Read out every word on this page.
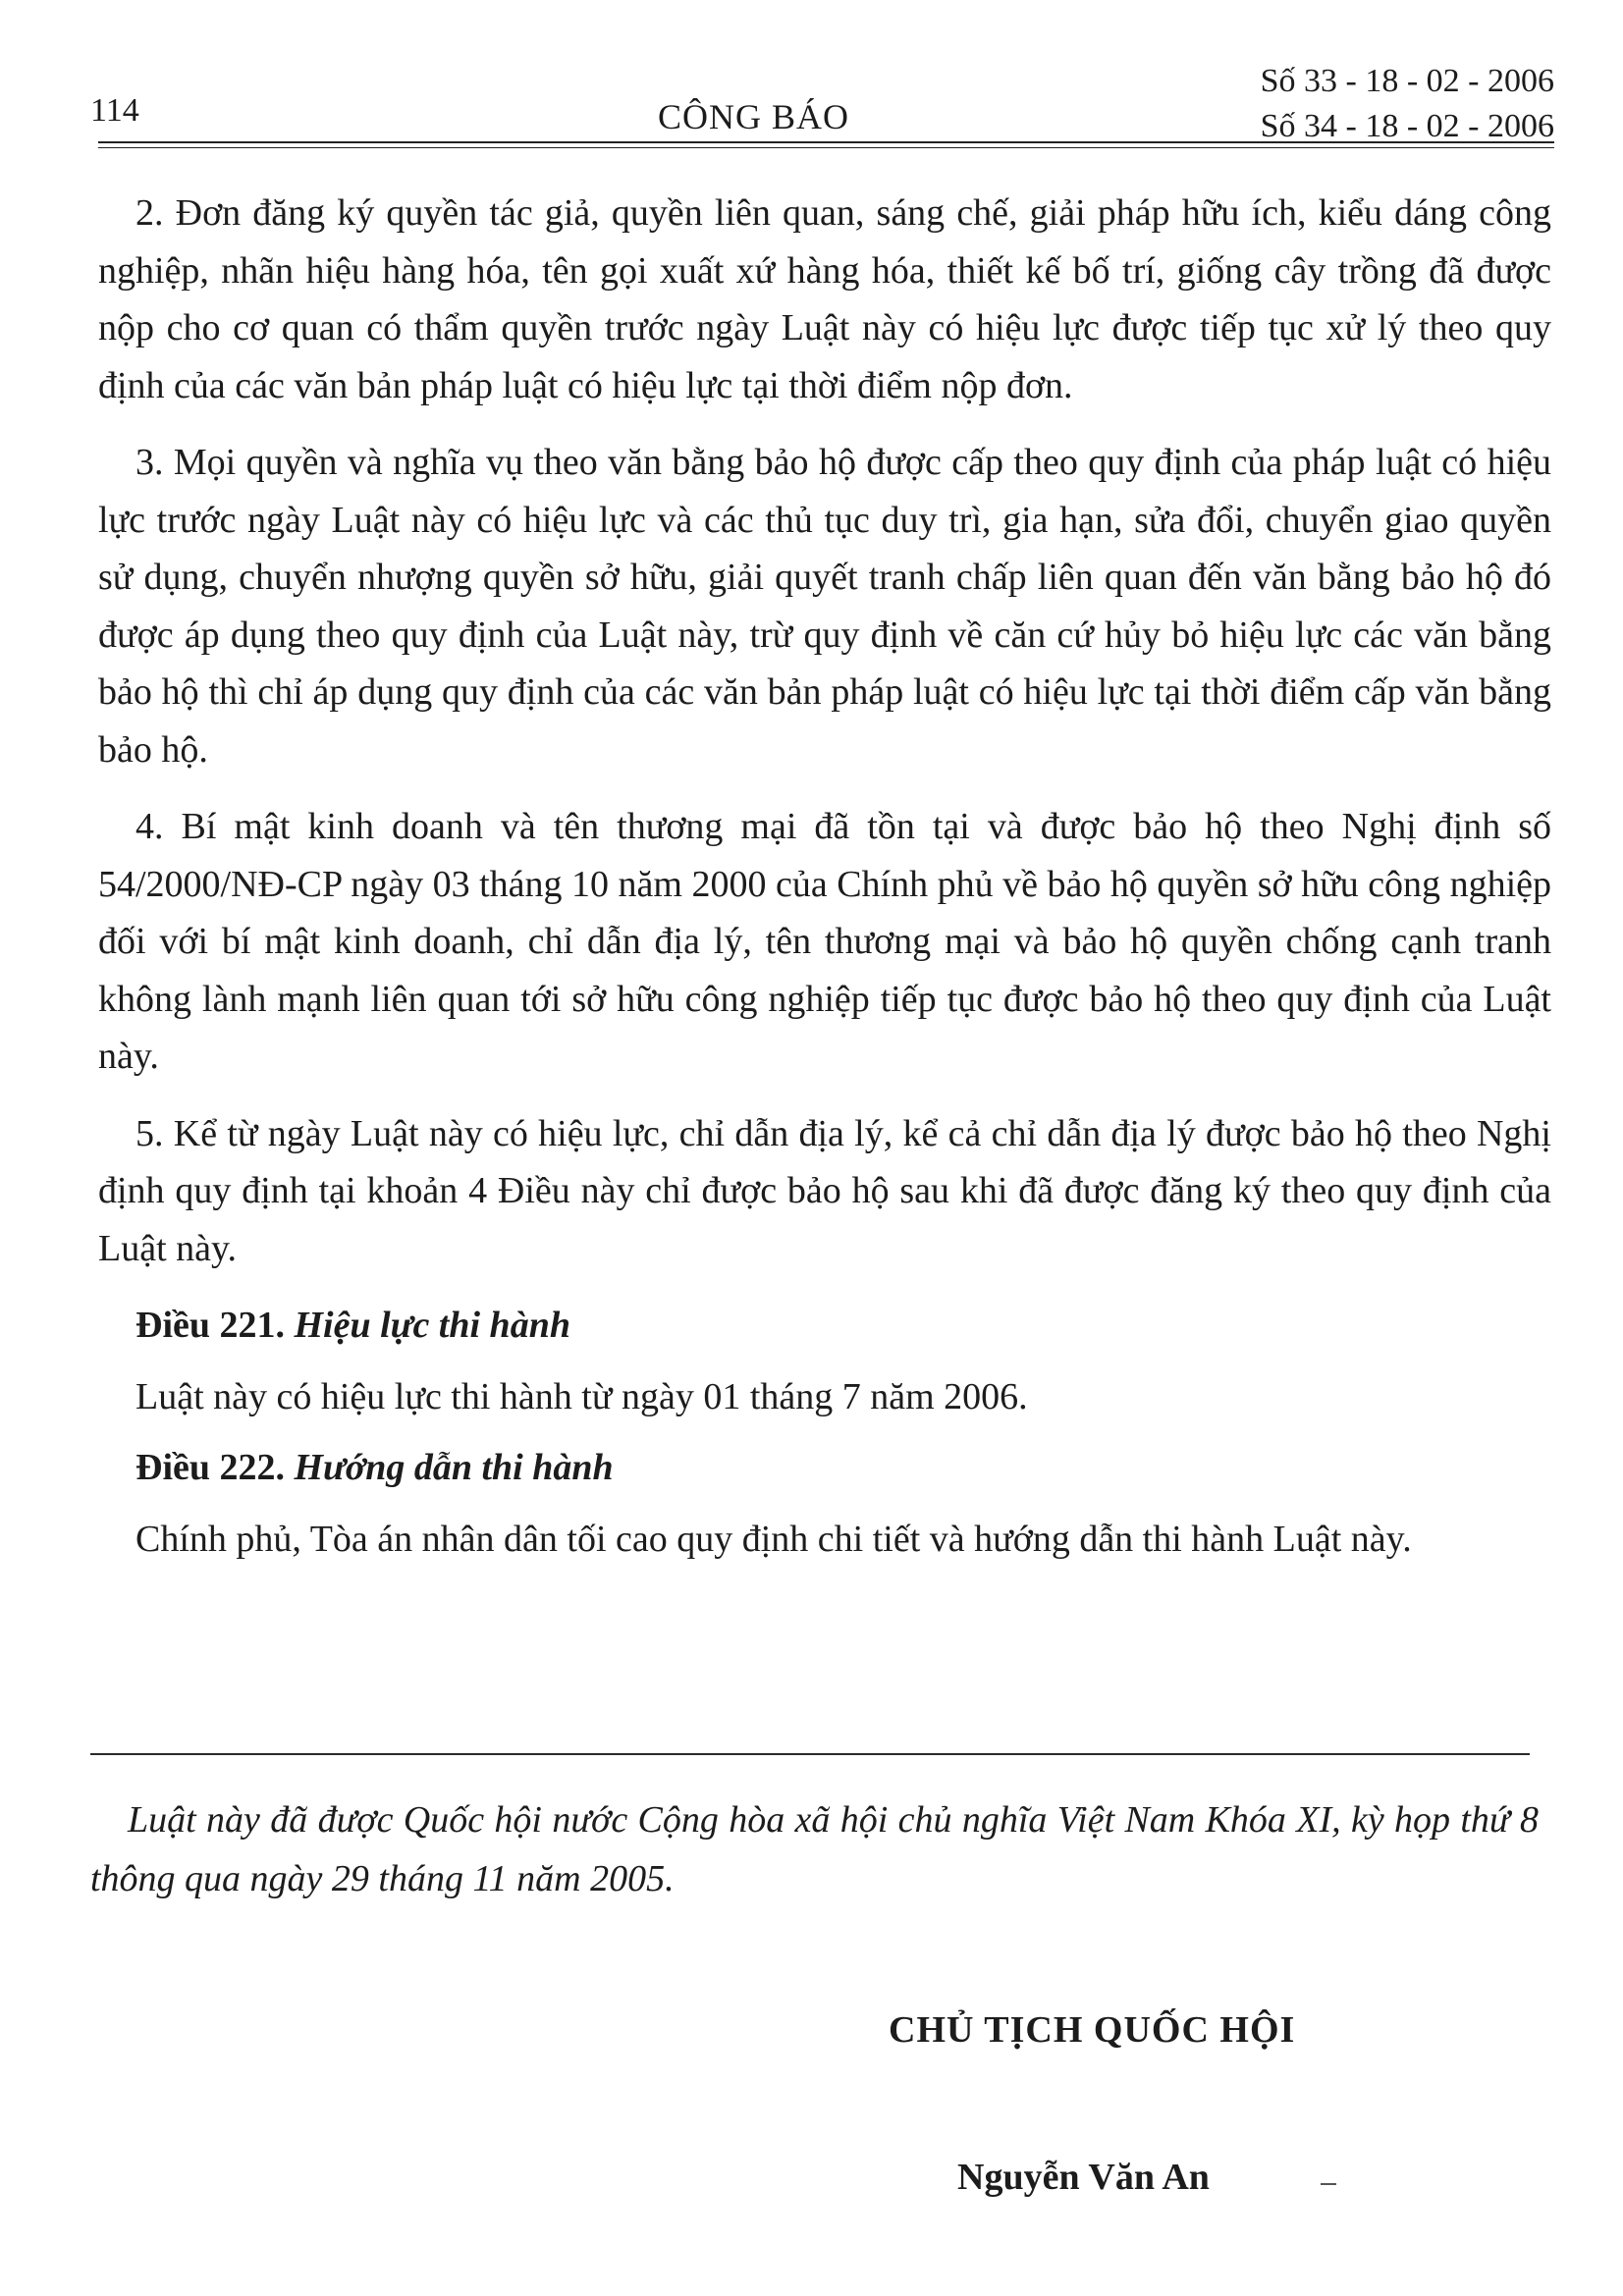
114	CÔNG BÁO
Số 33 - 18 - 02 - 2006
Số 34 - 18 - 02 - 2006

2. Đơn đăng ký quyền tác giả, quyền liên quan, sáng chế, giải pháp hữu ích, kiểu dáng công nghiệp, nhãn hiệu hàng hóa, tên gọi xuất xứ hàng hóa, thiết kế bố trí, giống cây trồng đã được nộp cho cơ quan có thẩm quyền trước ngày Luật này có hiệu lực được tiếp tục xử lý theo quy định của các văn bản pháp luật có hiệu lực tại thời điểm nộp đơn.

3. Mọi quyền và nghĩa vụ theo văn bằng bảo hộ được cấp theo quy định của pháp luật có hiệu lực trước ngày Luật này có hiệu lực và các thủ tục duy trì, gia hạn, sửa đổi, chuyển giao quyền sử dụng, chuyển nhượng quyền sở hữu, giải quyết tranh chấp liên quan đến văn bằng bảo hộ đó được áp dụng theo quy định của Luật này, trừ quy định về căn cứ hủy bỏ hiệu lực các văn bằng bảo hộ thì chỉ áp dụng quy định của các văn bản pháp luật có hiệu lực tại thời điểm cấp văn bằng bảo hộ.

4. Bí mật kinh doanh và tên thương mại đã tồn tại và được bảo hộ theo Nghị định số 54/2000/NĐ-CP ngày 03 tháng 10 năm 2000 của Chính phủ về bảo hộ quyền sở hữu công nghiệp đối với bí mật kinh doanh, chỉ dẫn địa lý, tên thương mại và bảo hộ quyền chống cạnh tranh không lành mạnh liên quan tới sở hữu công nghiệp tiếp tục được bảo hộ theo quy định của Luật này.

5. Kể từ ngày Luật này có hiệu lực, chỉ dẫn địa lý, kể cả chỉ dẫn địa lý được bảo hộ theo Nghị định quy định tại khoản 4 Điều này chỉ được bảo hộ sau khi đã được đăng ký theo quy định của Luật này.

Điều 221. Hiệu lực thi hành

Luật này có hiệu lực thi hành từ ngày 01 tháng 7 năm 2006.

Điều 222. Hướng dẫn thi hành

Chính phủ, Tòa án nhân dân tối cao quy định chi tiết và hướng dẫn thi hành Luật này.

Luật này đã được Quốc hội nước Cộng hòa xã hội chủ nghĩa Việt Nam Khóa XI, kỳ họp thứ 8 thông qua ngày 29 tháng 11 năm 2005.
CHỦ TỊCH QUỐC HỘI
Nguyễn Văn An
